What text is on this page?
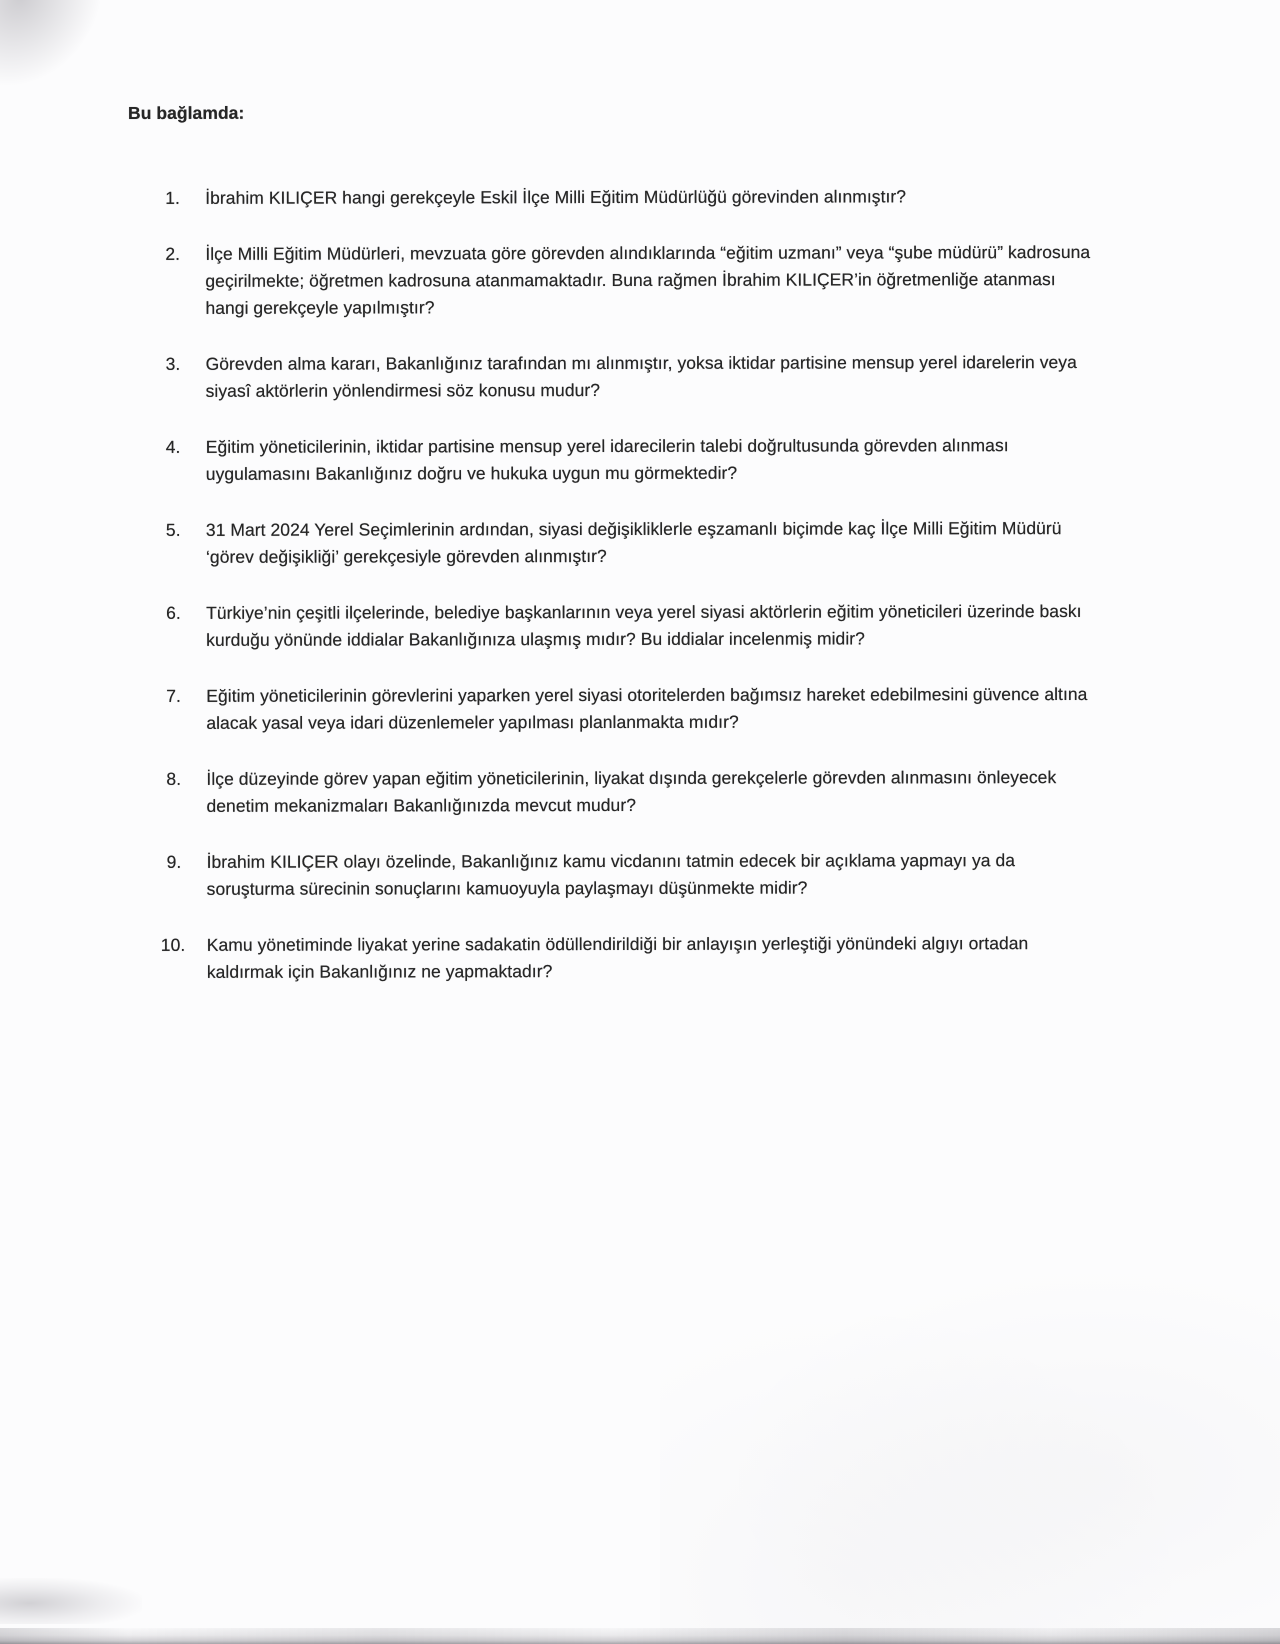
Bu bağlamda:

1.	İbrahim KILIÇER hangi gerekçeyle Eskil İlçe Milli Eğitim Müdürlüğü görevinden alınmıştır?
2.	İlçe Milli Eğitim Müdürleri, mevzuata göre görevden alındıklarında “eğitim uzmanı” veya “şube müdürü” kadrosuna geçirilmekte; öğretmen kadrosuna atanmamaktadır. Buna rağmen İbrahim KILIÇER’in öğretmenliğe atanması hangi gerekçeyle yapılmıştır?
3.	Görevden alma kararı, Bakanlığınız tarafından mı alınmıştır, yoksa iktidar partisine mensup yerel idarelerin veya siyasî aktörlerin yönlendirmesi söz konusu mudur?
4.	Eğitim yöneticilerinin, iktidar partisine mensup yerel idarecilerin talebi doğrultusunda görevden alınması uygulamasını Bakanlığınız doğru ve hukuka uygun mu görmektedir?
5.	31 Mart 2024 Yerel Seçimlerinin ardından, siyasi değişikliklerle eşzamanlı biçimde kaç İlçe Milli Eğitim Müdürü ‘görev değişikliği’ gerekçesiyle görevden alınmıştır?
6.	Türkiye’nin çeşitli ilçelerinde, belediye başkanlarının veya yerel siyasi aktörlerin eğitim yöneticileri üzerinde baskı kurduğu yönünde iddialar Bakanlığınıza ulaşmış mıdır? Bu iddialar incelenmiş midir?
7.	Eğitim yöneticilerinin görevlerini yaparken yerel siyasi otoritelerden bağımsız hareket edebilmesini güvence altına alacak yasal veya idari düzenlemeler yapılması planlanmakta mıdır?
8.	İlçe düzeyinde görev yapan eğitim yöneticilerinin, liyakat dışında gerekçelerle görevden alınmasını önleyecek denetim mekanizmaları Bakanlığınızda mevcut mudur?
9.	İbrahim KILIÇER olayı özelinde, Bakanlığınız kamu vicdanını tatmin edecek bir açıklama yapmayı ya da soruşturma sürecinin sonuçlarını kamuoyuyla paylaşmayı düşünmekte midir?
10.	Kamu yönetiminde liyakat yerine sadakatin ödüllendirildiği bir anlayışın yerleştiği yönündeki algıyı ortadan kaldırmak için Bakanlığınız ne yapmaktadır?
